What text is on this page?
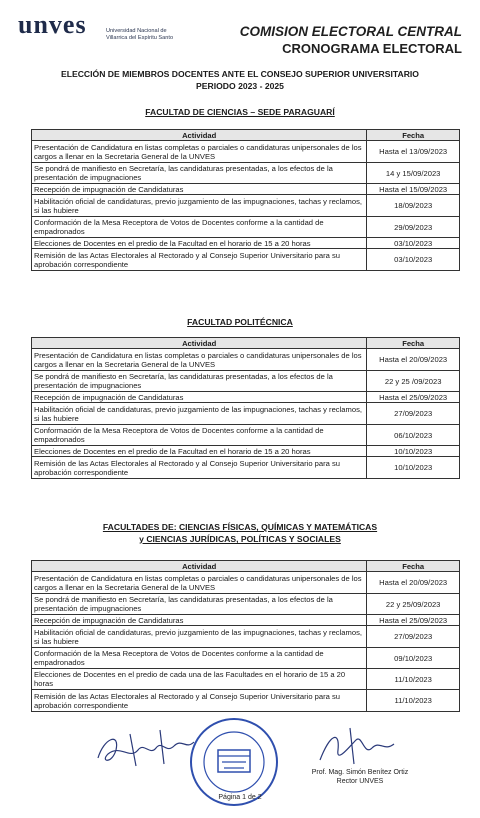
unves	Universidad Nacional de Villarrica del Espíritu Santo	COMISION ELECTORAL CENTRAL
CRONOGRAMA ELECTORAL
ELECCIÓN DE MIEMBROS DOCENTES ANTE EL CONSEJO SUPERIOR UNIVERSITARIO
PERIODO 2023 - 2025
FACULTAD DE CIENCIAS – SEDE PARAGUARÍ
Actividad	Fecha
Presentación de Candidatura en listas completas o parciales o candidaturas unipersonales de los cargos a llenar en la Secretaria General de la UNVES	Hasta el 13/09/2023
Se pondrá de manifiesto en Secretaría, las candidaturas presentadas, a los efectos de la presentación de impugnaciones	14 y 15/09/2023
Recepción de impugnación de Candidaturas	Hasta el 15/09/2023
Habilitación oficial de candidaturas, previo juzgamiento de las impugnaciones, tachas y reclamos, si las hubiere	18/09/2023
Conformación de la Mesa Receptora de Votos de Docentes conforme a la cantidad de empadronados	29/09/2023
Elecciones de Docentes en el predio de la Facultad en el horario de 15 a 20 horas	03/10/2023
Remisión de las Actas Electorales al Rectorado y al Consejo Superior Universitario para su aprobación correspondiente	03/10/2023
FACULTAD POLITÉCNICA
Actividad	Fecha
Presentación de Candidatura en listas completas o parciales o candidaturas unipersonales de los cargos a llenar en la Secretaria General de la UNVES	Hasta el 20/09/2023
Se pondrá de manifiesto en Secretaría, las candidaturas presentadas, a los efectos de la presentación de impugnaciones	22 y 25 /09/2023
Recepción de impugnación de Candidaturas	Hasta el 25/09/2023
Habilitación oficial de candidaturas, previo juzgamiento de las impugnaciones, tachas y reclamos, si las hubiere	27/09/2023
Conformación de la Mesa Receptora de Votos de Docentes conforme a la cantidad de empadronados	06/10/2023
Elecciones de Docentes en el predio de la Facultad en el horario de 15 a 20 horas	10/10/2023
Remisión de las Actas Electorales al Rectorado y al Consejo Superior Universitario para su aprobación correspondiente	10/10/2023
FACULTADES DE: CIENCIAS FÍSICAS, QUÍMICAS Y MATEMÁTICAS
y CIENCIAS JURÍDICAS, POLÍTICAS Y SOCIALES
Actividad	Fecha
Presentación de Candidatura en listas completas o parciales o candidaturas unipersonales de los cargos a llenar en la Secretaria General de la UNVES	Hasta el 20/09/2023
Se pondrá de manifiesto en Secretaría, las candidaturas presentadas, a los efectos de la presentación de impugnaciones	22 y 25/09/2023
Recepción de impugnación de Candidaturas	Hasta el 25/09/2023
Habilitación oficial de candidaturas, previo juzgamiento de las impugnaciones, tachas y reclamos, si las hubiere	27/09/2023
Conformación de la Mesa Receptora de Votos de Docentes conforme a la cantidad de empadronados	09/10/2023
Elecciones de Docentes en el predio de cada una de las Facultades en el horario de 15 a 20 horas	11/10/2023
Remisión de las Actas Electorales al Rectorado y al Consejo Superior Universitario para su aprobación correspondiente	11/10/2023
Prof. Mag. Simón Benítez Ortiz
Rector UNVES
Página 1 de 2
